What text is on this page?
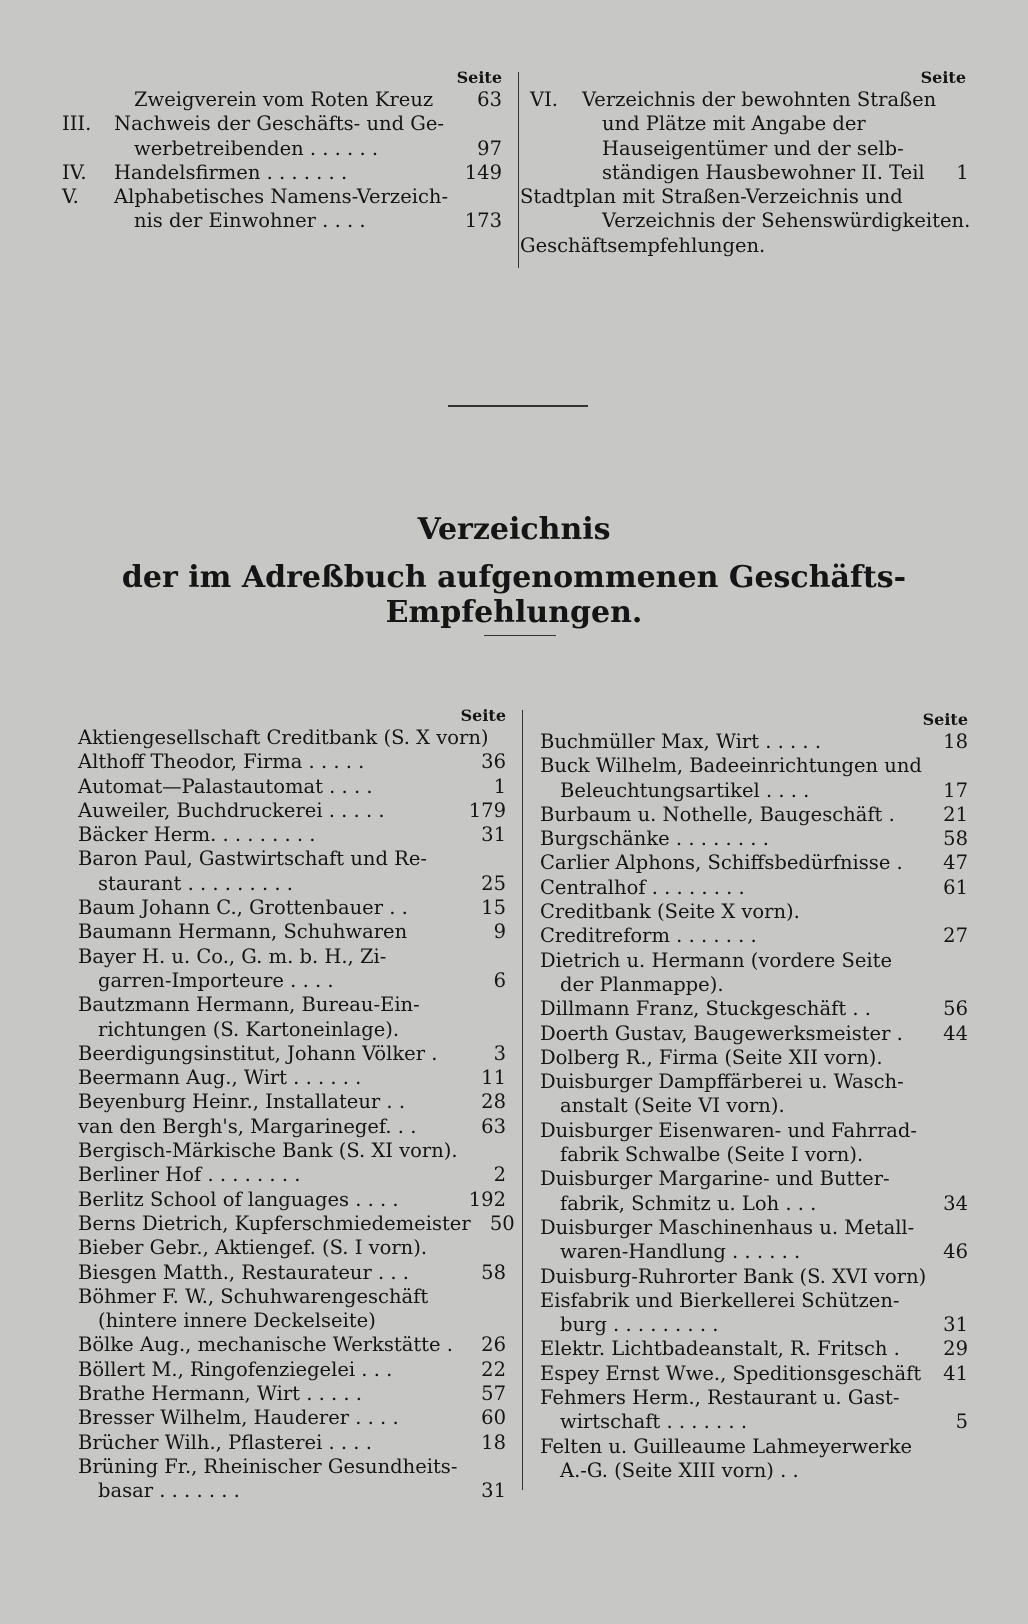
Seite
Zweigverein vom Roten Kreuz	63
III.	Nachweis der Geschäfts- und Ge-
werbetreibenden . . . . . .	97
IV.	Handelsfirmen . . . . . . .	149
V.	Alphabetisches Namens-Verzeich-
nis der Einwohner . . . .	173
Seite
VI.	Verzeichnis der bewohnten Straßen
und Plätze mit Angabe der
Hauseigentümer und der selb-
ständigen Hausbewohner II. Teil	1
Stadtplan mit Straßen-Verzeichnis und
Verzeichnis der Sehenswürdigkeiten.
Geschäftsempfehlungen.
Verzeichnis
der im Adreßbuch aufgenommenen Geschäfts-Empfehlungen.
Seite
Aktiengesellschaft Creditbank (S. X vorn)
Althoff Theodor, Firma . . . . .	36
Automat—Palastautomat . . . .	1
Auweiler, Buchdruckerei . . . . .	179
Bäcker Herm. . . . . . . . .	31
Baron Paul, Gastwirtschaft und Re-
staurant . . . . . . . . .	25
Baum Johann C., Grottenbauer . .	15
Baumann Hermann, Schuhwaren	9
Bayer H. u. Co., G. m. b. H., Zi-
garren-Importeure . . . .	6
Bautzmann Hermann, Bureau-Ein-
richtungen (S. Kartoneinlage).
Beerdigungsinstitut, Johann Völker .	3
Beermann Aug., Wirt . . . . . .	11
Beyenburg Heinr., Installateur . .	28
van den Bergh's, Margarinegef. . .	63
Bergisch-Märkische Bank (S. XI vorn).
Berliner Hof . . . . . . . .	2
Berlitz School of languages . . . .	192
Berns Dietrich, Kupferschmiedemeister 50
Bieber Gebr., Aktiengef. (S. I vorn).
Biesgen Matth., Restaurateur . . .	58
Böhmer F. W., Schuhwarengeschäft
(hintere innere Deckelseite)
Bölke Aug., mechanische Werkstätte .	26
Böllert M., Ringofenziegelei . . .	22
Brathe Hermann, Wirt . . . . .	57
Bresser Wilhelm, Hauderer . . . .	60
Brücher Wilh., Pflasterei . . . .	18
Brüning Fr., Rheinischer Gesundheits-
basar . . . . . . .	31
Seite
Buchmüller Max, Wirt . . . . .	18
Buck Wilhelm, Badeeinrichtungen und
Beleuchtungsartikel . . . .	17
Burbaum u. Nothelle, Baugeschäft .	21
Burgschänke . . . . . . . .	58
Carlier Alphons, Schiffsbedürfnisse .	47
Centralhof . . . . . . . .	61
Creditbank (Seite X vorn).
Creditreform . . . . . . .	27
Dietrich u. Hermann (vordere Seite
der Planmappe).
Dillmann Franz, Stuckgeschäft . .	56
Doerth Gustav, Baugewerksmeister .	44
Dolberg R., Firma (Seite XII vorn).
Duisburger Dampffärberei u. Wasch-
anstalt (Seite VI vorn).
Duisburger Eisenwaren- und Fahrrad-
fabrik Schwalbe (Seite I vorn).
Duisburger Margarine- und Butter-
fabrik, Schmitz u. Loh . . .	34
Duisburger Maschinenhaus u. Metall-
waren-Handlung . . . . . .	46
Duisburg-Ruhrorter Bank (S. XVI vorn)
Eisfabrik und Bierkellerei Schützen-
burg . . . . . . . . .	31
Elektr. Lichtbadeanstalt, R. Fritsch .	29
Espey Ernst Wwe., Speditionsgeschäft	41
Fehmers Herm., Restaurant u. Gast-
wirtschaft . . . . . . .	5
Felten u. Guilleaume Lahmeyerwerke
A.-G. (Seite XIII vorn) . .
